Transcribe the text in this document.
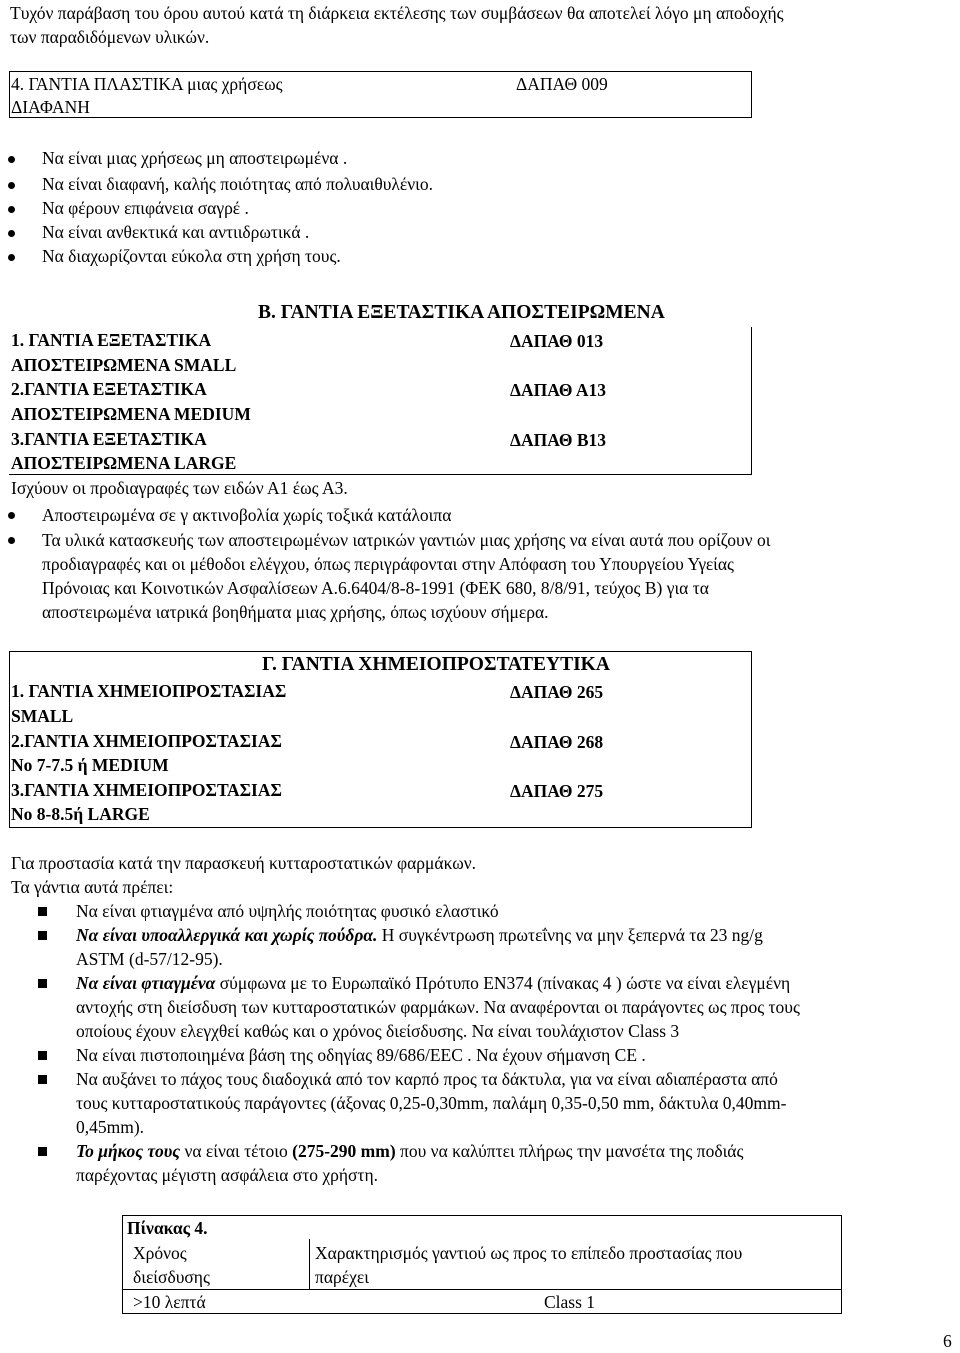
Τυχόν παράβαση του όρου αυτού κατά τη διάρκεια εκτέλεσης των συμβάσεων θα αποτελεί λόγο μη αποδοχής
των παραδιδόμενων υλικών.
4. ΓΑΝΤΙΑ ΠΛΑΣΤΙΚΑ μιας χρήσεως
ΔΙΑΦΑΝΗ
ΔΑΠΑΘ 009
Να είναι μιας χρήσεως μη αποστειρωμένα .
Να είναι διαφανή, καλής ποιότητας από πολυαιθυλένιο.
Να φέρουν επιφάνεια σαγρέ .
Να είναι ανθεκτικά και αντιιδρωτικά .
Να διαχωρίζονται εύκολα στη χρήση τους.
Β. ΓΑΝΤΙΑ ΕΞΕΤΑΣΤΙΚΑ ΑΠΟΣΤΕΙΡΩΜΕΝΑ
1. ΓΑΝΤΙΑ ΕΞΕΤΑΣΤΙΚΑ
ΑΠΟΣΤΕΙΡΩΜΕΝΑ SMALL
ΔΑΠΑΘ 013
2.ΓΑΝΤΙΑ ΕΞΕΤΑΣΤΙΚΑ
ΑΠΟΣΤΕΙΡΩΜΕΝΑ MEDIUM
ΔΑΠΑΘ Α13
3.ΓΑΝΤΙΑ ΕΞΕΤΑΣΤΙΚΑ
ΑΠΟΣΤΕΙΡΩΜΕΝΑ LARGE
ΔΑΠΑΘ Β13
Ισχύουν οι προδιαγραφές των ειδών Α1 έως Α3.
Αποστειρωμένα σε γ ακτινοβολία χωρίς τοξικά κατάλοιπα
Τα υλικά κατασκευής των αποστειρωμένων ιατρικών γαντιών μιας χρήσης να είναι αυτά που ορίζουν οι
προδιαγραφές και οι μέθοδοι ελέγχου, όπως περιγράφονται στην Απόφαση του Υπουργείου Υγείας
Πρόνοιας και Κοινοτικών Ασφαλίσεων Α.6.6404/8-8-1991 (ΦΕΚ 680, 8/8/91, τεύχος Β) για τα
αποστειρωμένα ιατρικά βοηθήματα μιας χρήσης, όπως ισχύουν σήμερα.
Γ. ΓΑΝΤΙΑ ΧΗΜΕΙΟΠΡΟΣΤΑΤΕΥΤΙΚΑ
1. ΓΑΝΤΙΑ ΧΗΜΕΙΟΠΡΟΣΤΑΣΙΑΣ
SMALL
ΔΑΠΑΘ 265
2.ΓΑΝΤΙΑ ΧΗΜΕΙΟΠΡΟΣΤΑΣΙΑΣ
Νο 7-7.5 ή MEDIUM
ΔΑΠΑΘ 268
3.ΓΑΝΤΙΑ ΧΗΜΕΙΟΠΡΟΣΤΑΣΙΑΣ
Νο 8-8.5ή LARGE
ΔΑΠΑΘ 275
Για προστασία κατά την παρασκευή κυτταροστατικών φαρμάκων.
Τα γάντια αυτά πρέπει:
Να είναι φτιαγμένα από υψηλής ποιότητας φυσικό ελαστικό
Να είναι υποαλλεργικά και χωρίς πούδρα. Η συγκέντρωση πρωτεΐνης να μην ξεπερνά τα 23 ng/g
ASTM (d-57/12-95).
Να είναι φτιαγμένα σύμφωνα με το Ευρωπαϊκό Πρότυπο ΕΝ374 (πίνακας 4 ) ώστε να είναι ελεγμένη
αντοχής στη διείσδυση των κυτταροστατικών φαρμάκων. Να αναφέρονται οι παράγοντες ως προς τους
οποίους έχουν ελεγχθεί καθώς και ο χρόνος διείσδυσης. Να είναι τουλάχιστον Class 3
Να είναι πιστοποιημένα βάση της οδηγίας 89/686/ΕΕC . Να έχουν σήμανση CE .
Να αυξάνει το πάχος τους διαδοχικά από τον καρπό προς τα δάκτυλα, για να είναι αδιαπέραστα από
τους κυτταροστατικούς παράγοντες (άξονας 0,25-0,30mm, παλάμη 0,35-0,50 mm, δάκτυλα 0,40mm-
0,45mm).
Το μήκος τους να είναι τέτοιο (275-290 mm) που να καλύπτει πλήρως την μανσέτα της ποδιάς
παρέχοντας μέγιστη ασφάλεια στο χρήστη.
Πίνακας 4.
Χρόνος
διείσδυσης
Χαρακτηρισμός γαντιού ως προς το επίπεδο προστασίας που
παρέχει
>10 λεπτά	Class 1
6
